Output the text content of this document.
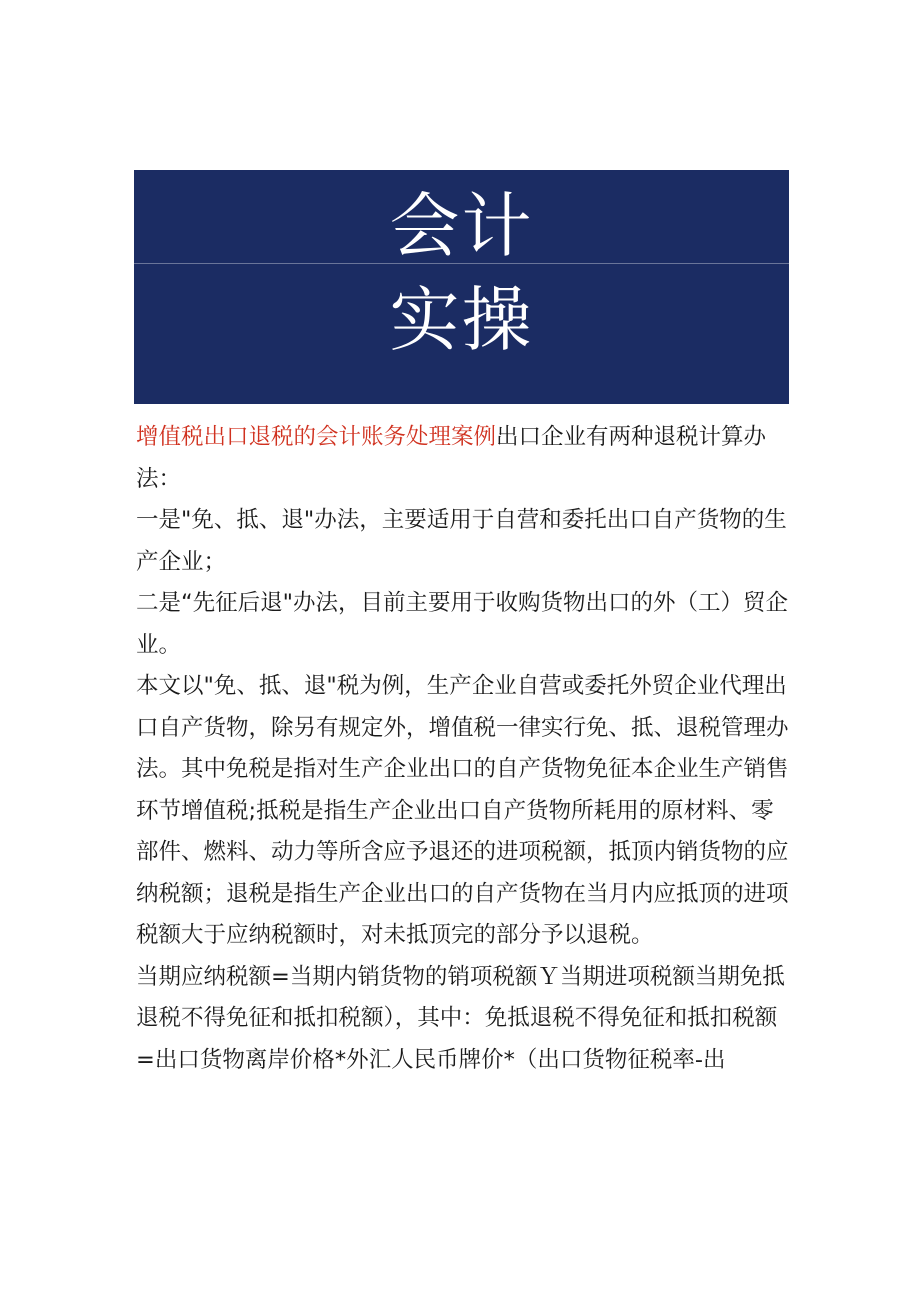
会计
实操

增值税出口退税的会计账务处理案例出口企业有两种退税计算办法：

一是"免、抵、退"办法，主要适用于自营和委托出口自产货物的生产企业；

二是“先征后退"办法，目前主要用于收购货物出口的外（工）贸企业。

本文以"免、抵、退"税为例，生产企业自营或委托外贸企业代理出口自产货物，除另有规定外，增值税一律实行免、抵、退税管理办法。其中免税是指对生产企业出口的自产货物免征本企业生产销售环节增值税;抵税是指生产企业出口自产货物所耗用的原材料、零部件、燃料、动力等所含应予退还的进项税额，抵顶内销货物的应纳税额；退税是指生产企业出口的自产货物在当月内应抵顶的进项税额大于应纳税额时，对未抵顶完的部分予以退税。

当期应纳税额=当期内销货物的销项税额Ｙ当期进项税额当期免抵退税不得免征和抵扣税额），其中：免抵退税不得免征和抵扣税额=出口货物离岸价格*外汇人民币牌价*（出口货物征税率-出
